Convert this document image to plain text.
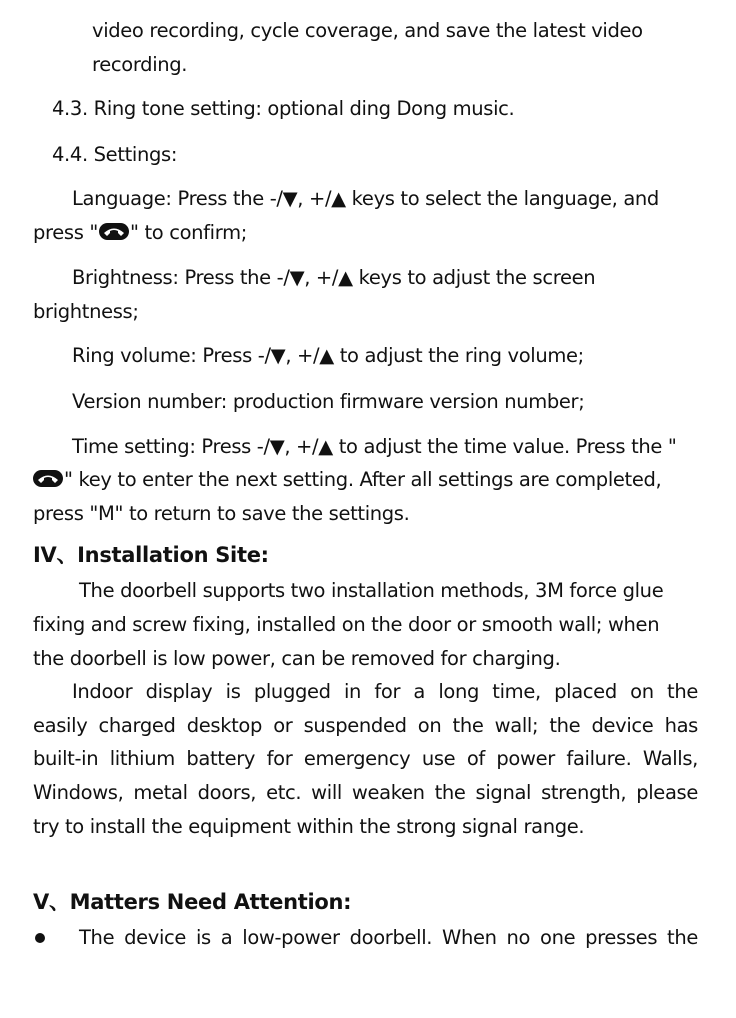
video recording, cycle coverage, and save the latest video
recording.
4.3. Ring tone setting: optional ding Dong music.
4.4. Settings:
Language: Press the -/▼, +/▲ keys to select the language, and
press " " to confirm;
Brightness: Press the -/▼, +/▲ keys to adjust the screen
brightness;
Ring volume: Press -/▼, +/▲ to adjust the ring volume;
Version number: production firmware version number;
Time setting: Press -/▼, +/▲ to adjust the time value. Press the "
" key to enter the next setting. After all settings are completed,
press "M" to return to save the settings.
IV、Installation Site:
The doorbell supports two installation methods, 3M force glue
fixing and screw fixing, installed on the door or smooth wall; when
the doorbell is low power, can be removed for charging.
Indoor display is plugged in for a long time, placed on the
easily charged desktop or suspended on the wall; the device has
built-in lithium battery for emergency use of power failure. Walls,
Windows, metal doors, etc. will weaken the signal strength, please
try to install the equipment within the strong signal range.
V、Matters Need Attention:
The device is a low-power doorbell. When no one presses the
